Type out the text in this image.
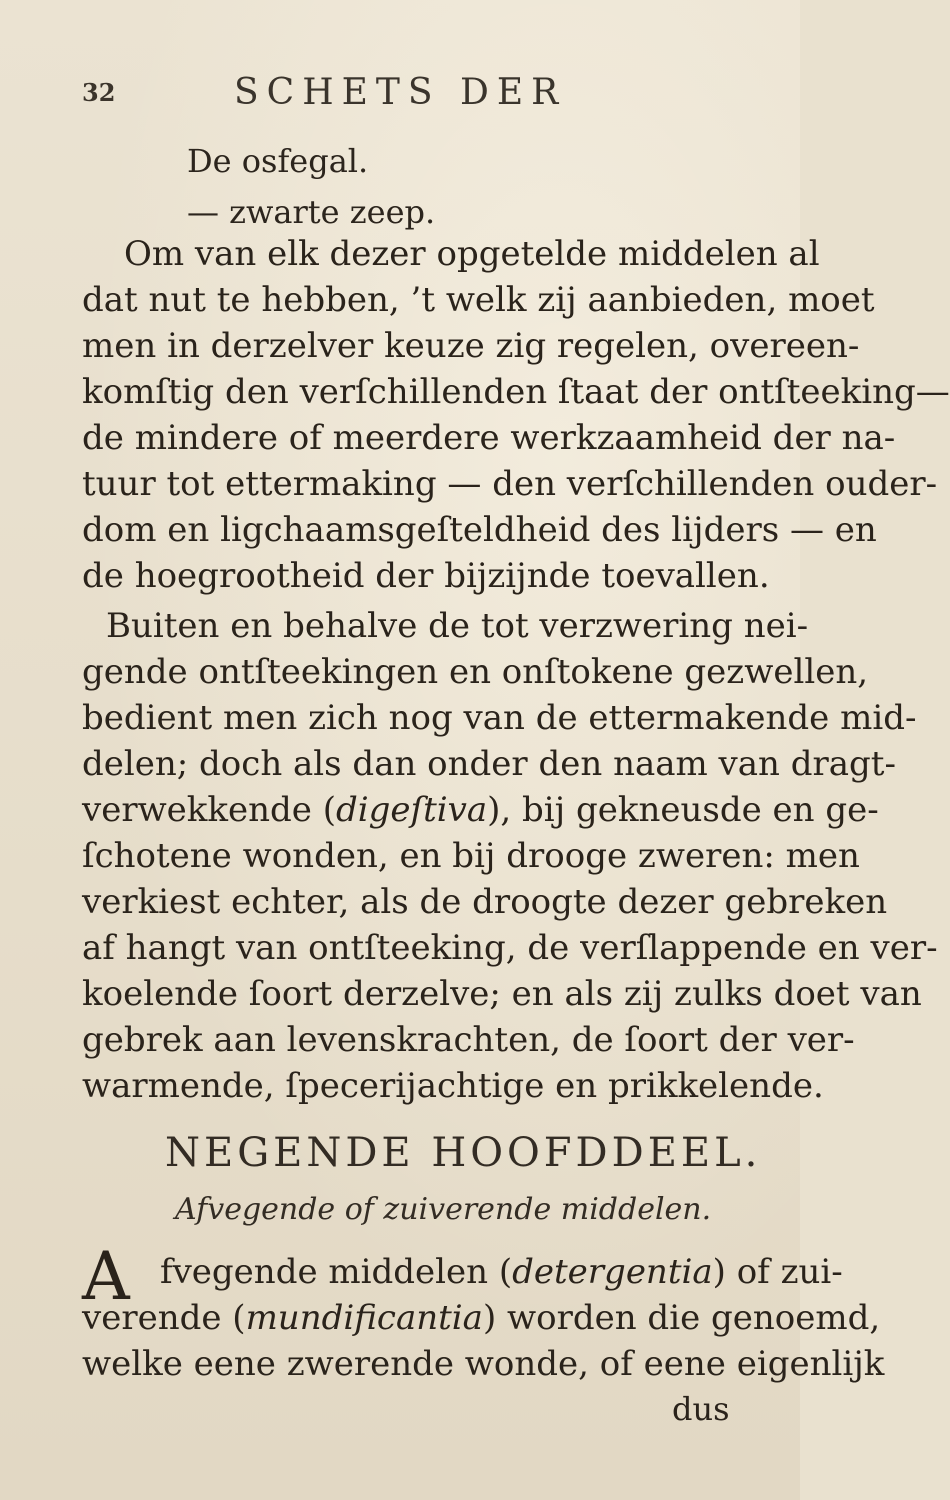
32	SCHETS DER
De osfegal.
— zwarte zeep.
Om van elk dezer opgetelde middelen al
dat nut te hebben, ’t welk zij aanbieden, moet
men in derzelver keuze zig regelen, overeen-
komſtig den verſchillenden ſtaat der ontſteeking—
de mindere of meerdere werkzaamheid der na-
tuur tot ettermaking — den verſchillenden ouder-
dom en ligchaamsgeſteldheid des lijders — en
de hoegrootheid der bijzijnde toevallen.
Buiten en behalve de tot verzwering nei-
gende ontſteekingen en onſtokene gezwellen,
bedient men zich nog van de ettermakende mid-
delen; doch als dan onder den naam van dragt-
verwekkende (digeſtiva), bij gekneusde en ge-
ſchotene wonden, en bij drooge zweren: men
verkiest echter, als de droogte dezer gebreken
af hangt van ontſteeking, de verſlappende en ver-
koelende ſoort derzelve; en als zij zulks doet van
gebrek aan levenskrachten, de ſoort der ver-
warmende, ſpecerijachtige en prikkelende.
NEGENDE HOOFDDEEL.
Afvegende of zuiverende middelen.
A fvegende middelen (detergentia) of zui-
verende (mundificantia) worden die genoemd,
welke eene zwerende wonde, of eene eigenlijk
dus
